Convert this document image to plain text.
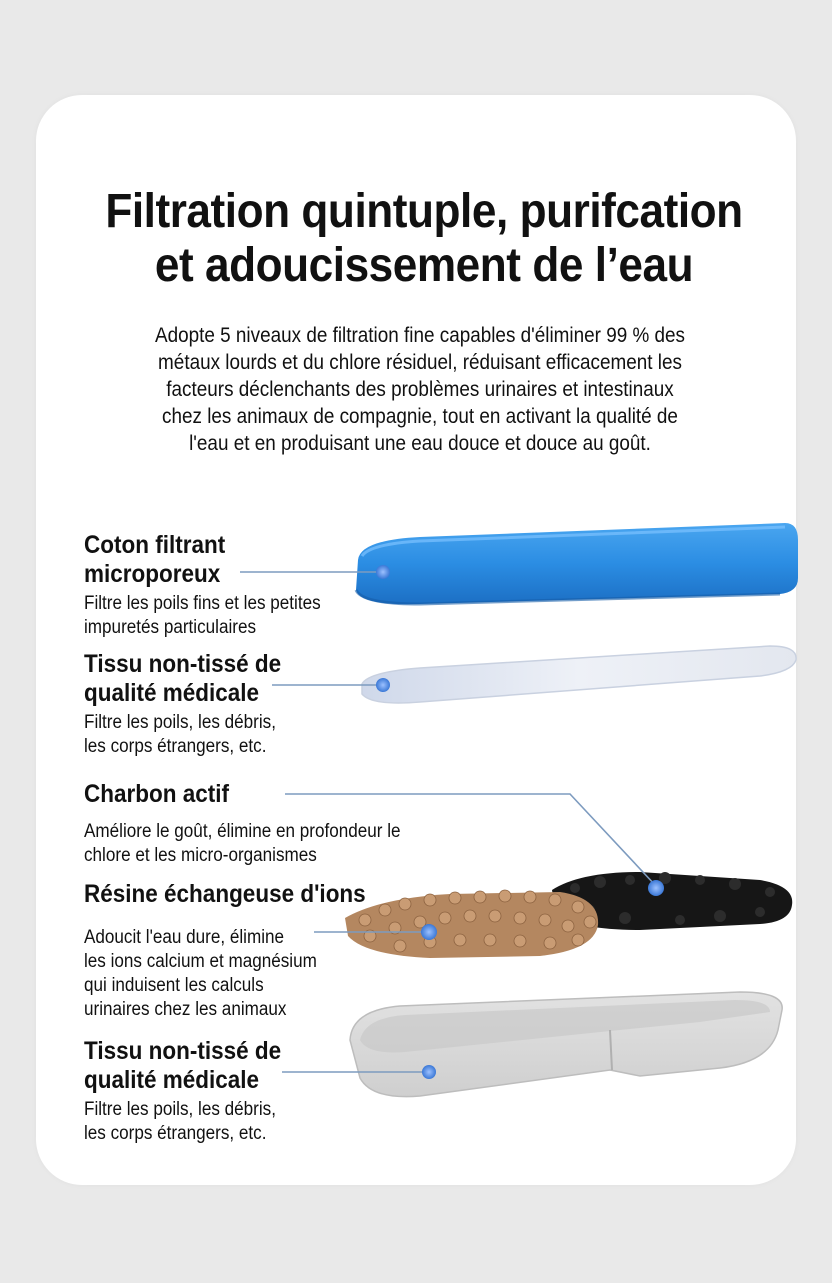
Filtration quintuple, purifcation
et adoucissement de l’eau

Adopte 5 niveaux de filtration fine capables d'éliminer 99 % des
métaux lourds et du chlore résiduel, réduisant efficacement les
facteurs déclenchants des problèmes urinaires et intestinaux
chez les animaux de compagnie, tout en activant la qualité de
l'eau et en produisant une eau douce et douce au goût.

Coton filtrant
microporeux

Filtre les poils fins et les petites
impuretés particulaires

Tissu non-tissé de
qualité médicale

Filtre les poils, les débris,
les corps étrangers, etc.

Charbon actif

Améliore le goût, élimine en profondeur le
chlore et les micro-organismes

Résine échangeuse d'ions

Adoucit l'eau dure, élimine
les ions calcium et magnésium
qui induisent les calculs
urinaires chez les animaux

Tissu non-tissé de
qualité médicale

Filtre les poils, les débris,
les corps étrangers, etc.
